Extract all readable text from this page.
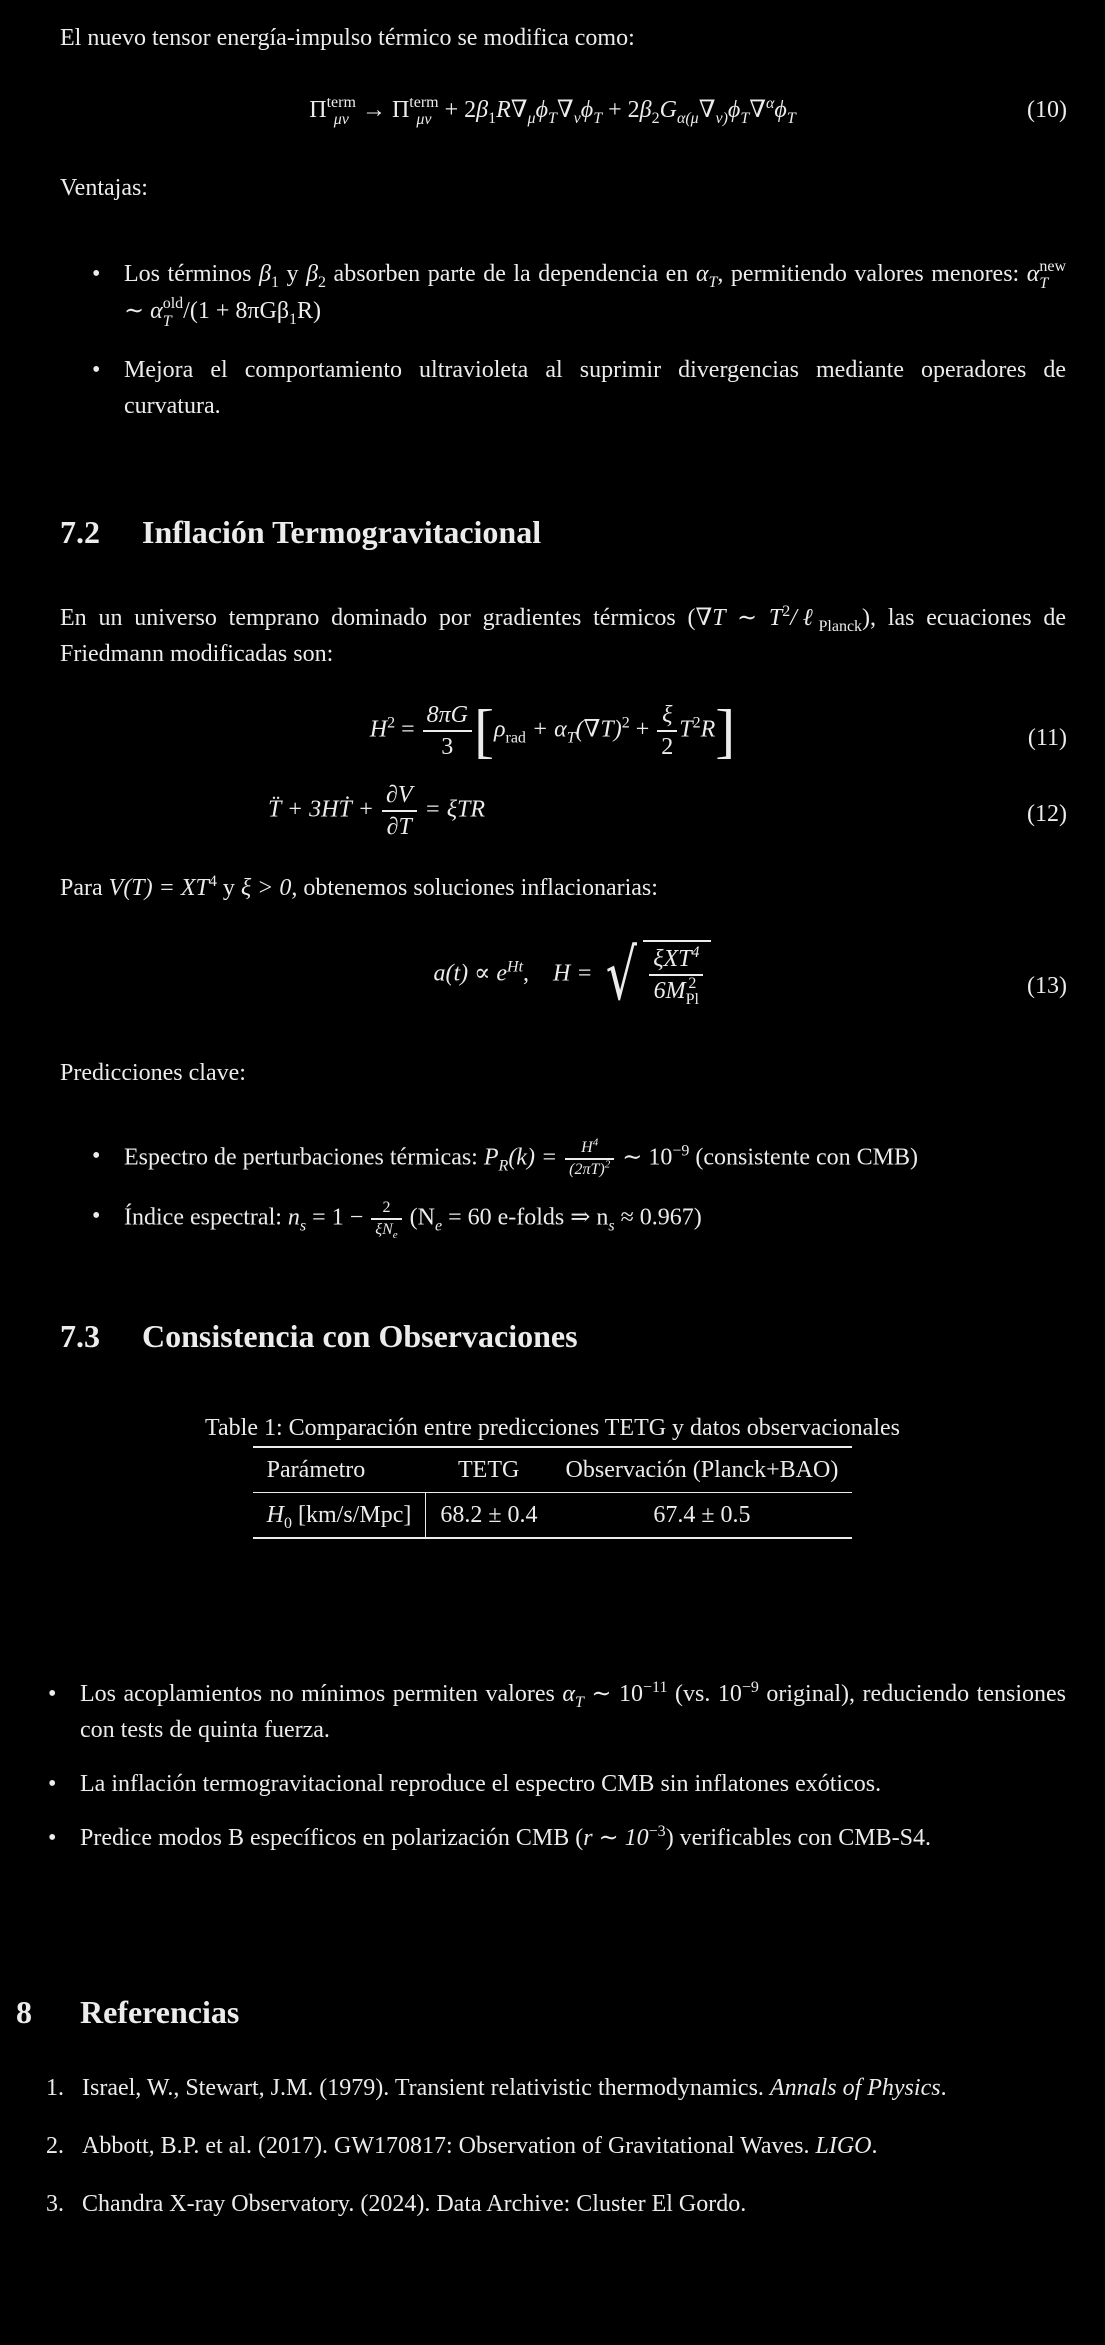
El nuevo tensor energía-impulso térmico se modifica como:
Π term
μν → Π term
$\mu\nu + 2\beta_1R\nabla_\mu\phi_T\nabla_\nu\phi_T + 2\beta_2G_{\alpha(\mu}\nabla_{\nu)}\phi_T\nabla^\alpha\phi_T$	(10)
Ventajas:
• Los términos $\beta_1$ y $\beta_2$ absorben parte de la dependencia en $\alpha_T$, permitiendo valores menores: α new
T
∼ α old
T /(1 + 8πGβ$_1$R)
• Mejora el comportamiento ultravioleta al suprimir divergencias mediante operadores de curvatura.
7.2 Inflación Termogravitacional
En un universo temprano dominado por gradientes térmicos (∇T ∼ $T^2/\ell_{Planck}$), las ecuaciones de Friedmann modificadas son:
$H^2 = \frac{8\pi G}{3} [\rho_{rad} + \alpha_T(\nabla T)^2 + \frac{\xi}{2} T^2R]$	(11)
T̈ + 3HṪ + $\frac{\partial V}{\partial T} = \xi TR$	(12)
Para $V(T) = XT^4$ y ξ > 0, obtenemos soluciones inflacionarias:
$a(t) \propto e^{Ht}$, H = √ ξXT$^4$
6M 2
Pl	(13)
Predicciones clave:
• Espectro de perturbaciones térmicas: $P_R(k) = \frac{H^4}{(2\pi T)^2}$ ∼ $10^{-9}$ (consistente con CMB)
• Índice espectral: $n_s = 1 - \frac{2}{\xi N_e} (N_e = 60$ e-folds ⇒ $n_s \approx 0.967$)
7.3 Consistencia con Observaciones
Table 1: Comparación entre predicciones TETG y datos observacionales
Parámetro	TETG	Observación (Planck+BAO)
$H_0$ [km/s/Mpc]	68.2 ± 0.4	67.4 ± 0.5
• Los acoplamientos no mínimos permiten valores $\alpha_T$ ∼ $10^{-11}$ (vs. $10^{-9}$ original), reduciendo tensiones con tests de quinta fuerza.
• La inflación termogravitacional reproduce el espectro CMB sin inflatones exóticos.
• Predice modos B específicos en polarización CMB (r ∼ $10^{-3}$) verificables con CMB-S4.
8 Referencias
1. Israel, W., Stewart, J.M. (1979). Transient relativistic thermodynamics. Annals of Physics.
2. Abbott, B.P. et al. (2017). GW170817: Observation of Gravitational Waves. LIGO.
3. Chandra X-ray Observatory. (2024). Data Archive: Cluster El Gordo.
